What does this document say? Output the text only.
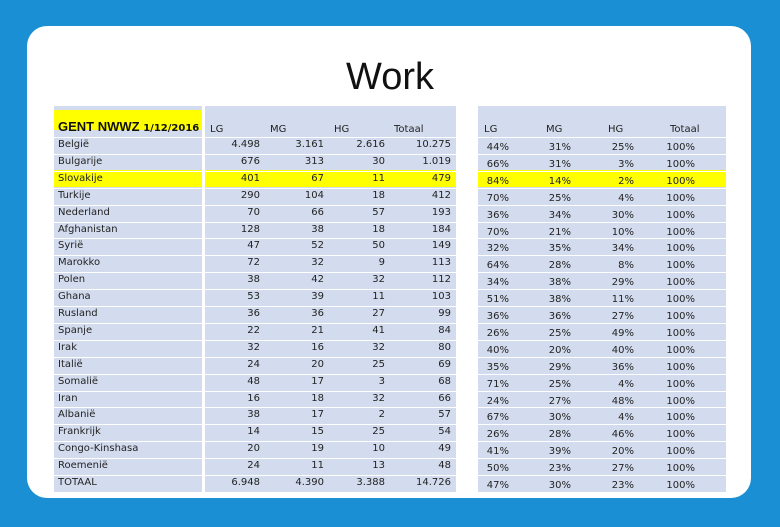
Work
GENT NWWZ 1/12/2016 LG	MG	HG	Totaal	LG	MG	HG	Totaal
België	4.498	3.161	2.616	10.275	44%	31%	25%	100%
Bulgarije	676	313	30	1.019	66%	31%	3%	100%
Slovakije	401	67	11	479	84%	14%	2%	100%
Turkije	290	104	18	412	70%	25%	4%	100%
Nederland	70	66	57	193	36%	34%	30%	100%
Afghanistan	128	38	18	184	70%	21%	10%	100%
Syrië	47	52	50	149	32%	35%	34%	100%
Marokko	72	32	9	113	64%	28%	8%	100%
Polen	38	42	32	112	34%	38%	29%	100%
Ghana	53	39	11	103	51%	38%	11%	100%
Rusland	36	36	27	99	36%	36%	27%	100%
Spanje	22	21	41	84	26%	25%	49%	100%
Irak	32	16	32	80	40%	20%	40%	100%
Italië	24	20	25	69	35%	29%	36%	100%
Somalië	48	17	3	68	71%	25%	4%	100%
Iran	16	18	32	66	24%	27%	48%	100%
Albanië	38	17	2	57	67%	30%	4%	100%
Frankrijk	14	15	25	54	26%	28%	46%	100%
Congo-Kinshasa	20	19	10	49	41%	39%	20%	100%
Roemenië	24	11	13	48	50%	23%	27%	100%
TOTAAL	6.948	4.390	3.388	14.726	47%	30%	23%	100%
